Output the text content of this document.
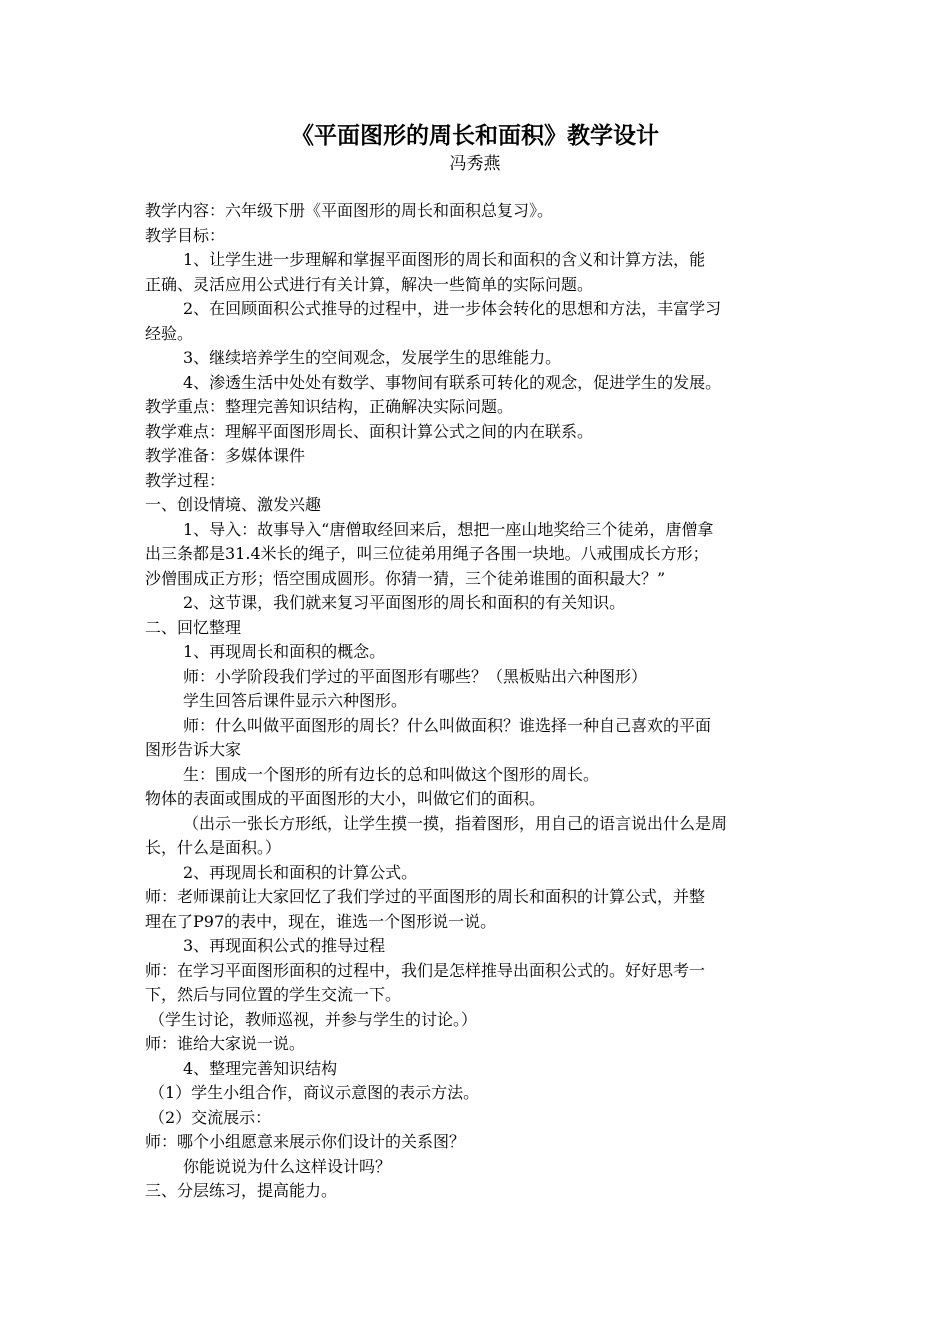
《平面图形的周长和面积》教学设计
冯秀燕
教学内容：六年级下册《平面图形的周长和面积总复习》。
教学目标：
1、让学生进一步理解和掌握平面图形的周长和面积的含义和计算方法，能
正确、灵活应用公式进行有关计算，解决一些简单的实际问题。
2、在回顾面积公式推导的过程中，进一步体会转化的思想和方法，丰富学习
经验。
3、继续培养学生的空间观念，发展学生的思维能力。
4、渗透生活中处处有数学、事物间有联系可转化的观念，促进学生的发展。
教学重点：整理完善知识结构，正确解决实际问题。
教学难点：理解平面图形周长、面积计算公式之间的内在联系。
教学准备：多媒体课件
教学过程：
一、创设情境、激发兴趣
1、导入：故事导入“唐僧取经回来后，想把一座山地奖给三个徒弟，唐僧拿
出三条都是31.4米长的绳子，叫三位徒弟用绳子各围一块地。八戒围成长方形；
沙僧围成正方形；悟空围成圆形。你猜一猜，三个徒弟谁围的面积最大？”
2、这节课，我们就来复习平面图形的周长和面积的有关知识。
二、回忆整理
1、再现周长和面积的概念。
师：小学阶段我们学过的平面图形有哪些？（黑板贴出六种图形）
学生回答后课件显示六种图形。
师：什么叫做平面图形的周长？什么叫做面积？谁选择一种自己喜欢的平面
图形告诉大家
生：围成一个图形的所有边长的总和叫做这个图形的周长。
物体的表面或围成的平面图形的大小，叫做它们的面积。
（出示一张长方形纸，让学生摸一摸，指着图形，用自己的语言说出什么是周
长，什么是面积。）
2、再现周长和面积的计算公式。
师：老师课前让大家回忆了我们学过的平面图形的周长和面积的计算公式，并整
理在了P97的表中，现在，谁选一个图形说一说。
3、再现面积公式的推导过程
师：在学习平面图形面积的过程中，我们是怎样推导出面积公式的。好好思考一
下，然后与同位置的学生交流一下。
（学生讨论，教师巡视，并参与学生的讨论。）
师：谁给大家说一说。
4、整理完善知识结构
（1）学生小组合作，商议示意图的表示方法。
（2）交流展示：
师：哪个小组愿意来展示你们设计的关系图？
你能说说为什么这样设计吗？
三、分层练习，提高能力。
